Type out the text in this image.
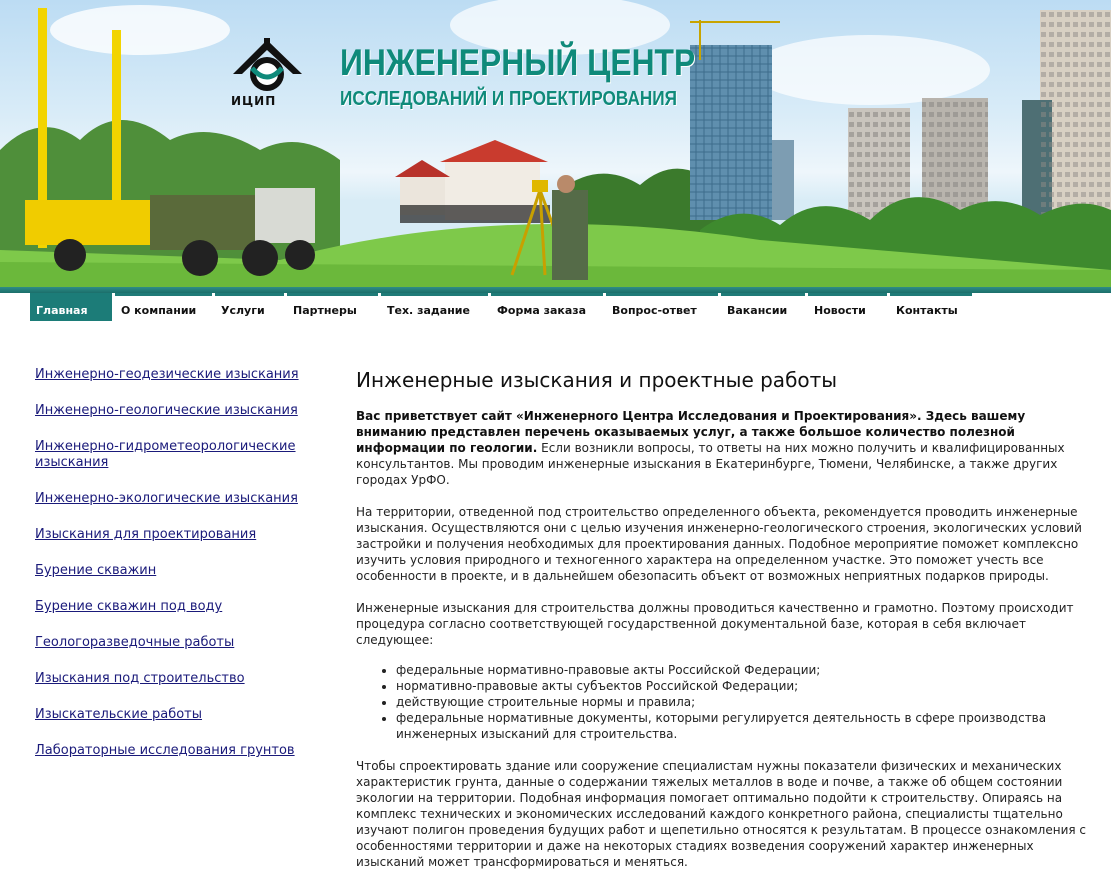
ИЦИП
ИНЖЕНЕРНЫЙ ЦЕНТР
ИССЛЕДОВАНИЙ И ПРОЕКТИРОВАНИЯ
Главная	О компании	Услуги	Партнеры	Тех. задание	Форма заказа	Вопрос-ответ	Вакансии	Новости	Контакты
Инженерно-геодезические изыскания
Инженерно-геологические изыскания
Инженерно-гидрометеорологические изыскания
Инженерно-экологические изыскания
Изыскания для проектирования
Бурение скважин
Бурение скважин под воду
Геологоразведочные работы
Изыскания под строительство
Изыскательские работы
Лабораторные исследования грунтов
Инженерные изыскания и проектные работы

Вас приветствует сайт «Инженерного Центра Исследования и Проектирования». Здесь вашему вниманию представлен перечень оказываемых услуг, а также большое количество полезной информации по геологии. Если возникли вопросы, то ответы на них можно получить и квалифицированных консультантов. Мы проводим инженерные изыскания в Екатеринбурге, Тюмени, Челябинске, а также других городах УрФО.

На территории, отведенной под строительство определенного объекта, рекомендуется проводить инженерные изыскания. Осуществляются они с целью изучения инженерно-геологического строения, экологических условий застройки и получения необходимых для проектирования данных. Подобное мероприятие поможет комплексно изучить условия природного и техногенного характера на определенном участке. Это поможет учесть все особенности в проекте, и в дальнейшем обезопасить объект от возможных неприятных подарков природы.

Инженерные изыскания для строительства должны проводиться качественно и грамотно. Поэтому происходит процедура согласно соответствующей государственной документальной базе, которая в себя включает следующее:

• федеральные нормативно-правовые акты Российской Федерации;
• нормативно-правовые акты субъектов Российской Федерации;
• действующие строительные нормы и правила;
• федеральные нормативные документы, которыми регулируется деятельность в сфере производства инженерных изысканий для строительства.

Чтобы спроектировать здание или сооружение специалистам нужны показатели физических и механических характеристик грунта, данные о содержании тяжелых металлов в воде и почве, а также об общем состоянии экологии на территории. Подобная информация помогает оптимально подойти к строительству. Опираясь на комплекс технических и экономических исследований каждого конкретного района, специалисты тщательно изучают полигон проведения будущих работ и щепетильно относятся к результатам. В процессе ознакомления с особенностями территории и даже на некоторых стадиях возведения сооружений характер инженерных изысканий может трансформироваться и меняться.
